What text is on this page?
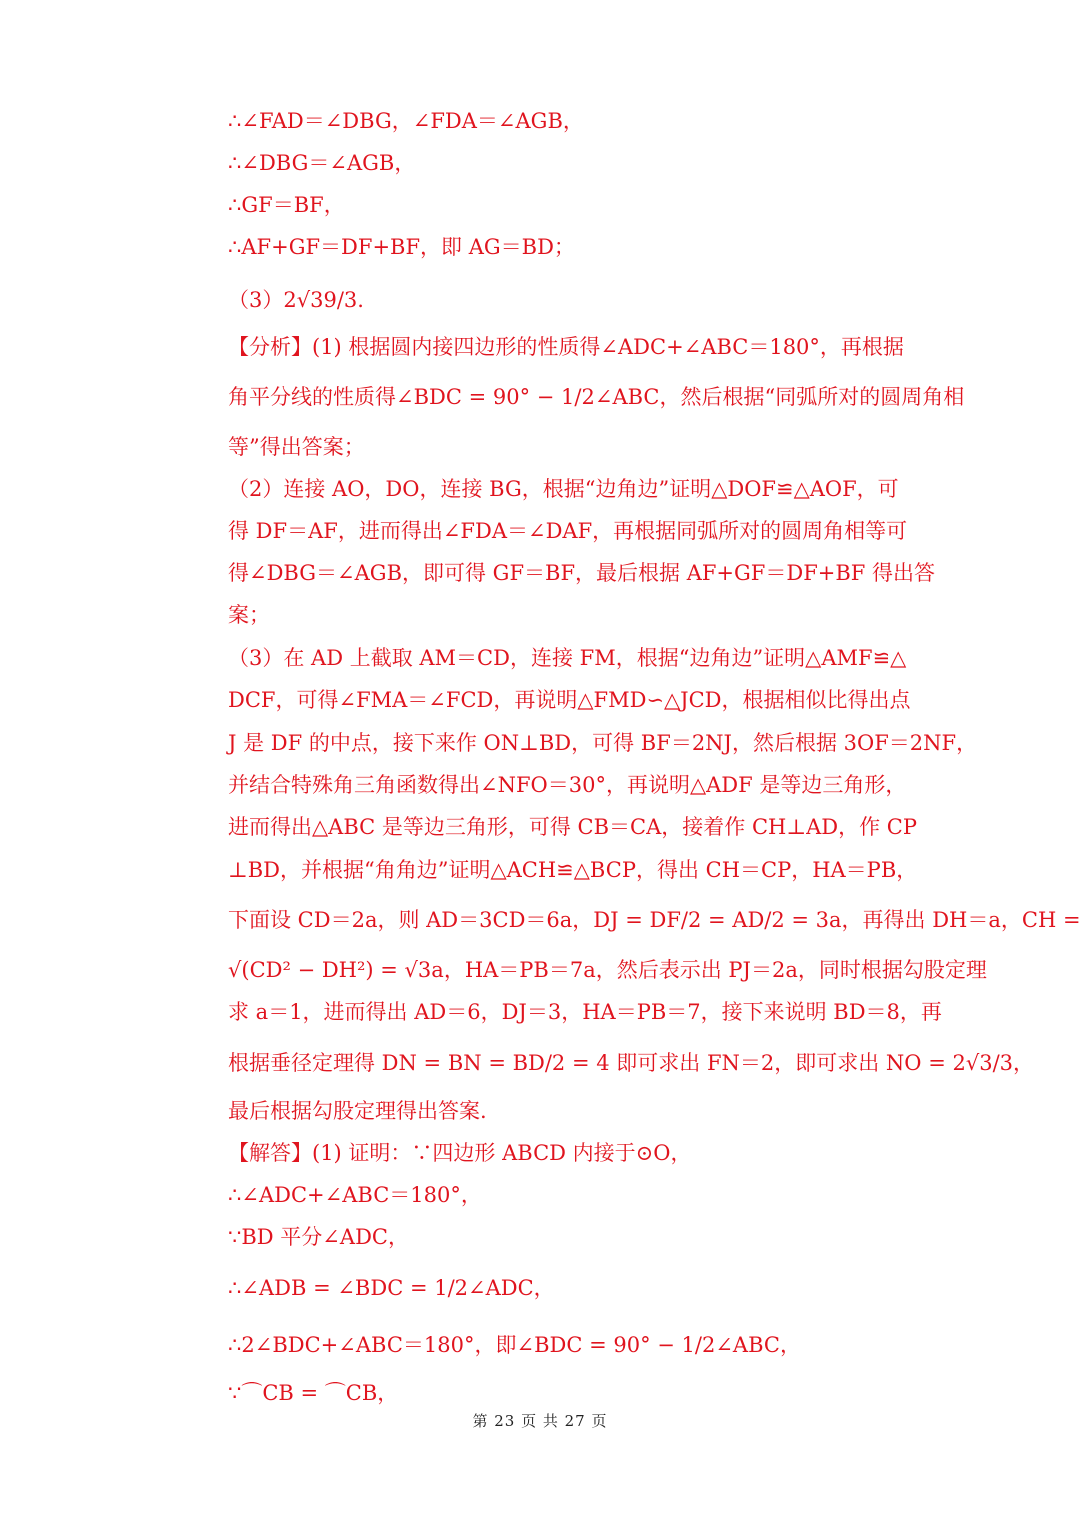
∴∠FAD＝∠DBG，∠FDA＝∠AGB，
∴∠DBG＝∠AGB，
∴GF＝BF，
∴AF+GF＝DF+BF，即 AG＝BD；
（3）2√39/3.
【分析】(1) 根据圆内接四边形的性质得∠ADC+∠ABC＝180°，再根据
角平分线的性质得∠BDC = 90° − 1/2∠ABC，然后根据“同弧所对的圆周角相
等”得出答案；
（2）连接 AO，DO，连接 BG，根据“边角边”证明△DOF≌△AOF，可
得 DF＝AF，进而得出∠FDA＝∠DAF，再根据同弧所对的圆周角相等可
得∠DBG＝∠AGB，即可得 GF＝BF，最后根据 AF+GF＝DF+BF 得出答
案；
（3）在 AD 上截取 AM＝CD，连接 FM，根据“边角边”证明△AMF≌△
DCF，可得∠FMA＝∠FCD，再说明△FMD∽△JCD，根据相似比得出点
J 是 DF 的中点，接下来作 ON⊥BD，可得 BF＝2NJ，然后根据 3OF＝2NF，
并结合特殊角三角函数得出∠NFO＝30°，再说明△ADF 是等边三角形，
进而得出△ABC 是等边三角形，可得 CB＝CA，接着作 CH⊥AD，作 CP
⊥BD，并根据“角角边”证明△ACH≌△BCP，得出 CH＝CP，HA＝PB，
下面设 CD＝2a，则 AD＝3CD＝6a，DJ = DF/2 = AD/2 = 3a，再得出 DH＝a，CH =
√(CD² − DH²) = √3a，HA＝PB＝7a，然后表示出 PJ＝2a，同时根据勾股定理
求 a＝1，进而得出 AD＝6，DJ＝3，HA＝PB＝7，接下来说明 BD＝8，再
根据垂径定理得 DN = BN = BD/2 = 4 即可求出 FN＝2，即可求出 NO = 2√3/3，
最后根据勾股定理得出答案.
【解答】(1) 证明：∵四边形 ABCD 内接于⊙O，
∴∠ADC+∠ABC＝180°，
∵BD 平分∠ADC，
∴∠ADB = ∠BDC = 1/2∠ADC，
∴2∠BDC+∠ABC＝180°，即∠BDC = 90° − 1/2∠ABC，
∵⌒CB = ⌒CB，
第 23 页 共 27 页
